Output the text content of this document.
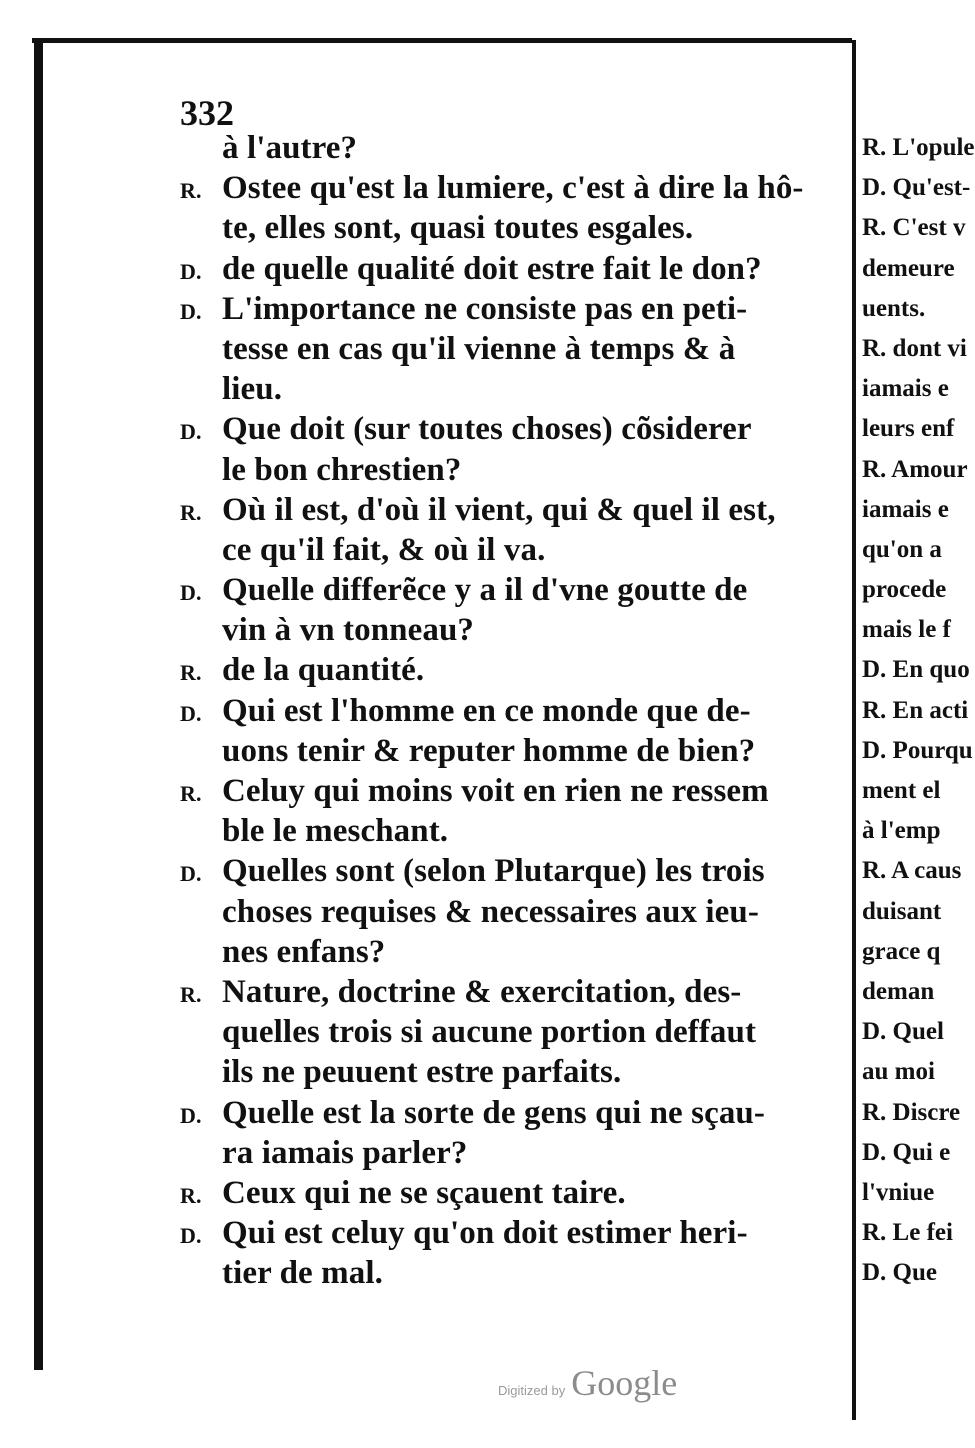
332

à l'autre?
R. Ostee qu'est la lumiere, c'est à dire la hô-
te, elles sont, quasi toutes esgales.
D. de quelle qualité doit estre fait le don?
D. L'importance ne consiste pas en peti-
tesse en cas qu'il vienne à temps & à
lieu.
D. Que doit (sur toutes choses) cõsiderer
le bon chrestien?
R. Où il est, d'où il vient, qui & quel il est,
ce qu'il fait, & où il va.
D. Quelle differẽce y a il d'vne goutte de
vin à vn tonneau?
R. de la quantité.
D. Qui est l'homme en ce monde que de-
uons tenir & reputer homme de bien?
R. Celuy qui moins voit en rien ne ressem
ble le meschant.
D. Quelles sont (selon Plutarque) les trois
choses requises & necessaires aux ieu-
nes enfans?
R. Nature, doctrine & exercitation, des-
quelles trois si aucune portion deffaut
ils ne peuuent estre parfaits.
D. Quelle est la sorte de gens qui ne sçau-
ra iamais parler?
R. Ceux qui ne se sçauent taire.
D. Qui est celuy qu'on doit estimer heri-
tier de mal.
R. L'opule
D. Qu'est-
R. C'est v
demeure
uents.
R. dont vi
iamais e
leurs enf
R. Amour
iamais e
qu'on a
procede
mais le f
D. En quo
R. En acti
D. Pourqu
ment el
à l'emp
R. A caus
duisant
grace q
deman
D. Quel
au moi
R. Discre
D. Qui e
l'vniue
R. Le fei
D. Que
Digitized by Google
